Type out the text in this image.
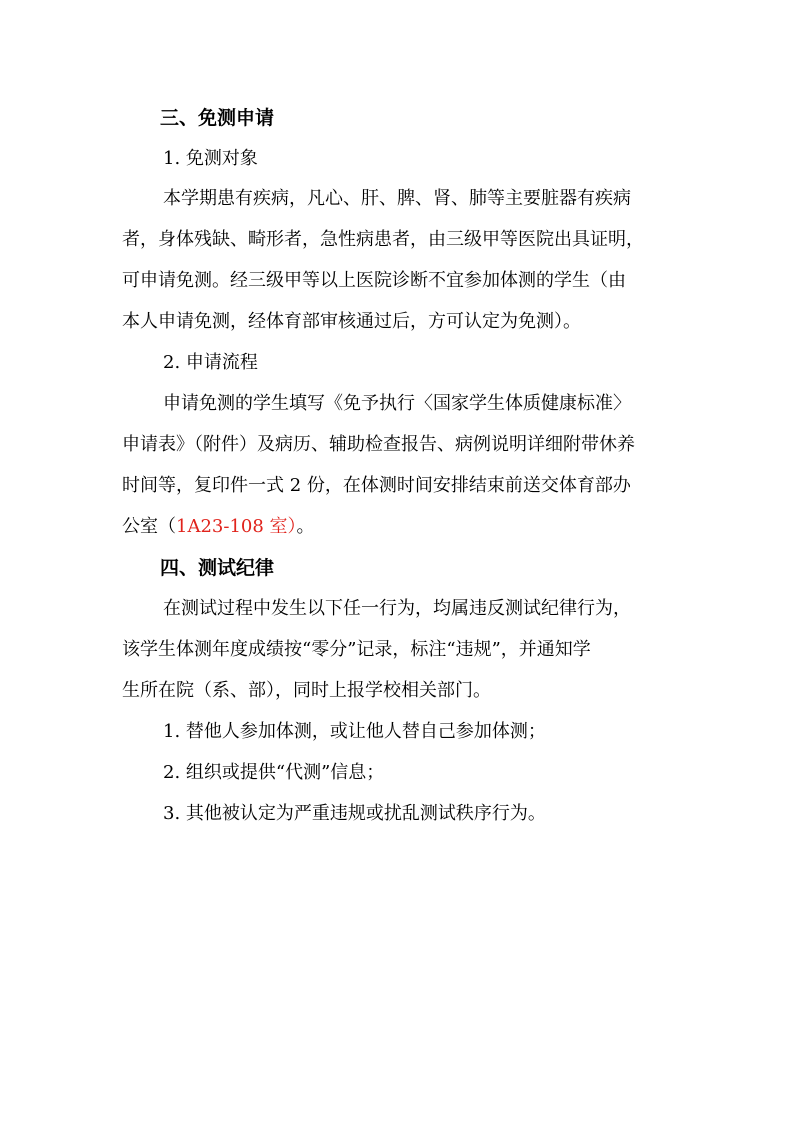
三、免测申请
1. 免测对象
本学期患有疾病，凡心、肝、脾、肾、肺等主要脏器有疾病
者，身体残缺、畸形者，急性病患者，由三级甲等医院出具证明，
可申请免测。经三级甲等以上医院诊断不宜参加体测的学生（由
本人申请免测，经体育部审核通过后，方可认定为免测）。
2. 申请流程
申请免测的学生填写《免予执行〈国家学生体质健康标准〉
申请表》（附件）及病历、辅助检查报告、病例说明详细附带休养
时间等，复印件一式 2 份，在体测时间安排结束前送交体育部办
公室（1A23-108 室）。
四、测试纪律
在测试过程中发生以下任一行为，均属违反测试纪律行为，
该学生体测年度成绩按“零分”记录，标注“违规”，并通知学
生所在院（系、部），同时上报学校相关部门。
1. 替他人参加体测，或让他人替自己参加体测；
2. 组织或提供“代测”信息；
3. 其他被认定为严重违规或扰乱测试秩序行为。
